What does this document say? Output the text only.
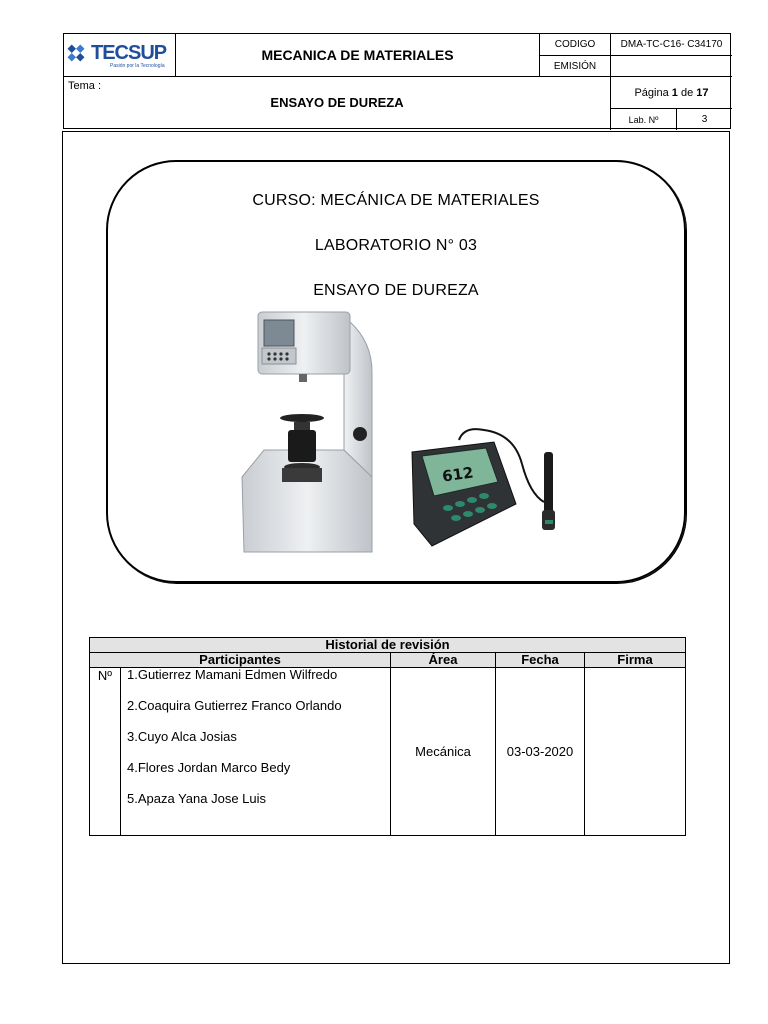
TECSUP
Pasión por la Tecnología
MECANICA DE MATERIALES
CODIGO	DMA-TC-C16- C34170
EMISIÓN
Tema :
ENSAYO DE DUREZA
Página
1
de
17
Lab. Nº	3
CURSO: MECÁNICA DE MATERIALES
LABORATORIO N° 03
ENSAYO DE DUREZA
612
Historial de revisión				
Participantes		Área	Fecha	Firma
Nº	1.Gutierrez Mamani Edmen Wilfredo
2.Coaquira Gutierrez Franco Orlando
3.Cuyo Alca Josias
4.Flores Jordan Marco Bedy
5.Apaza Yana Jose Luis	Mecánica	03-03-2020	
